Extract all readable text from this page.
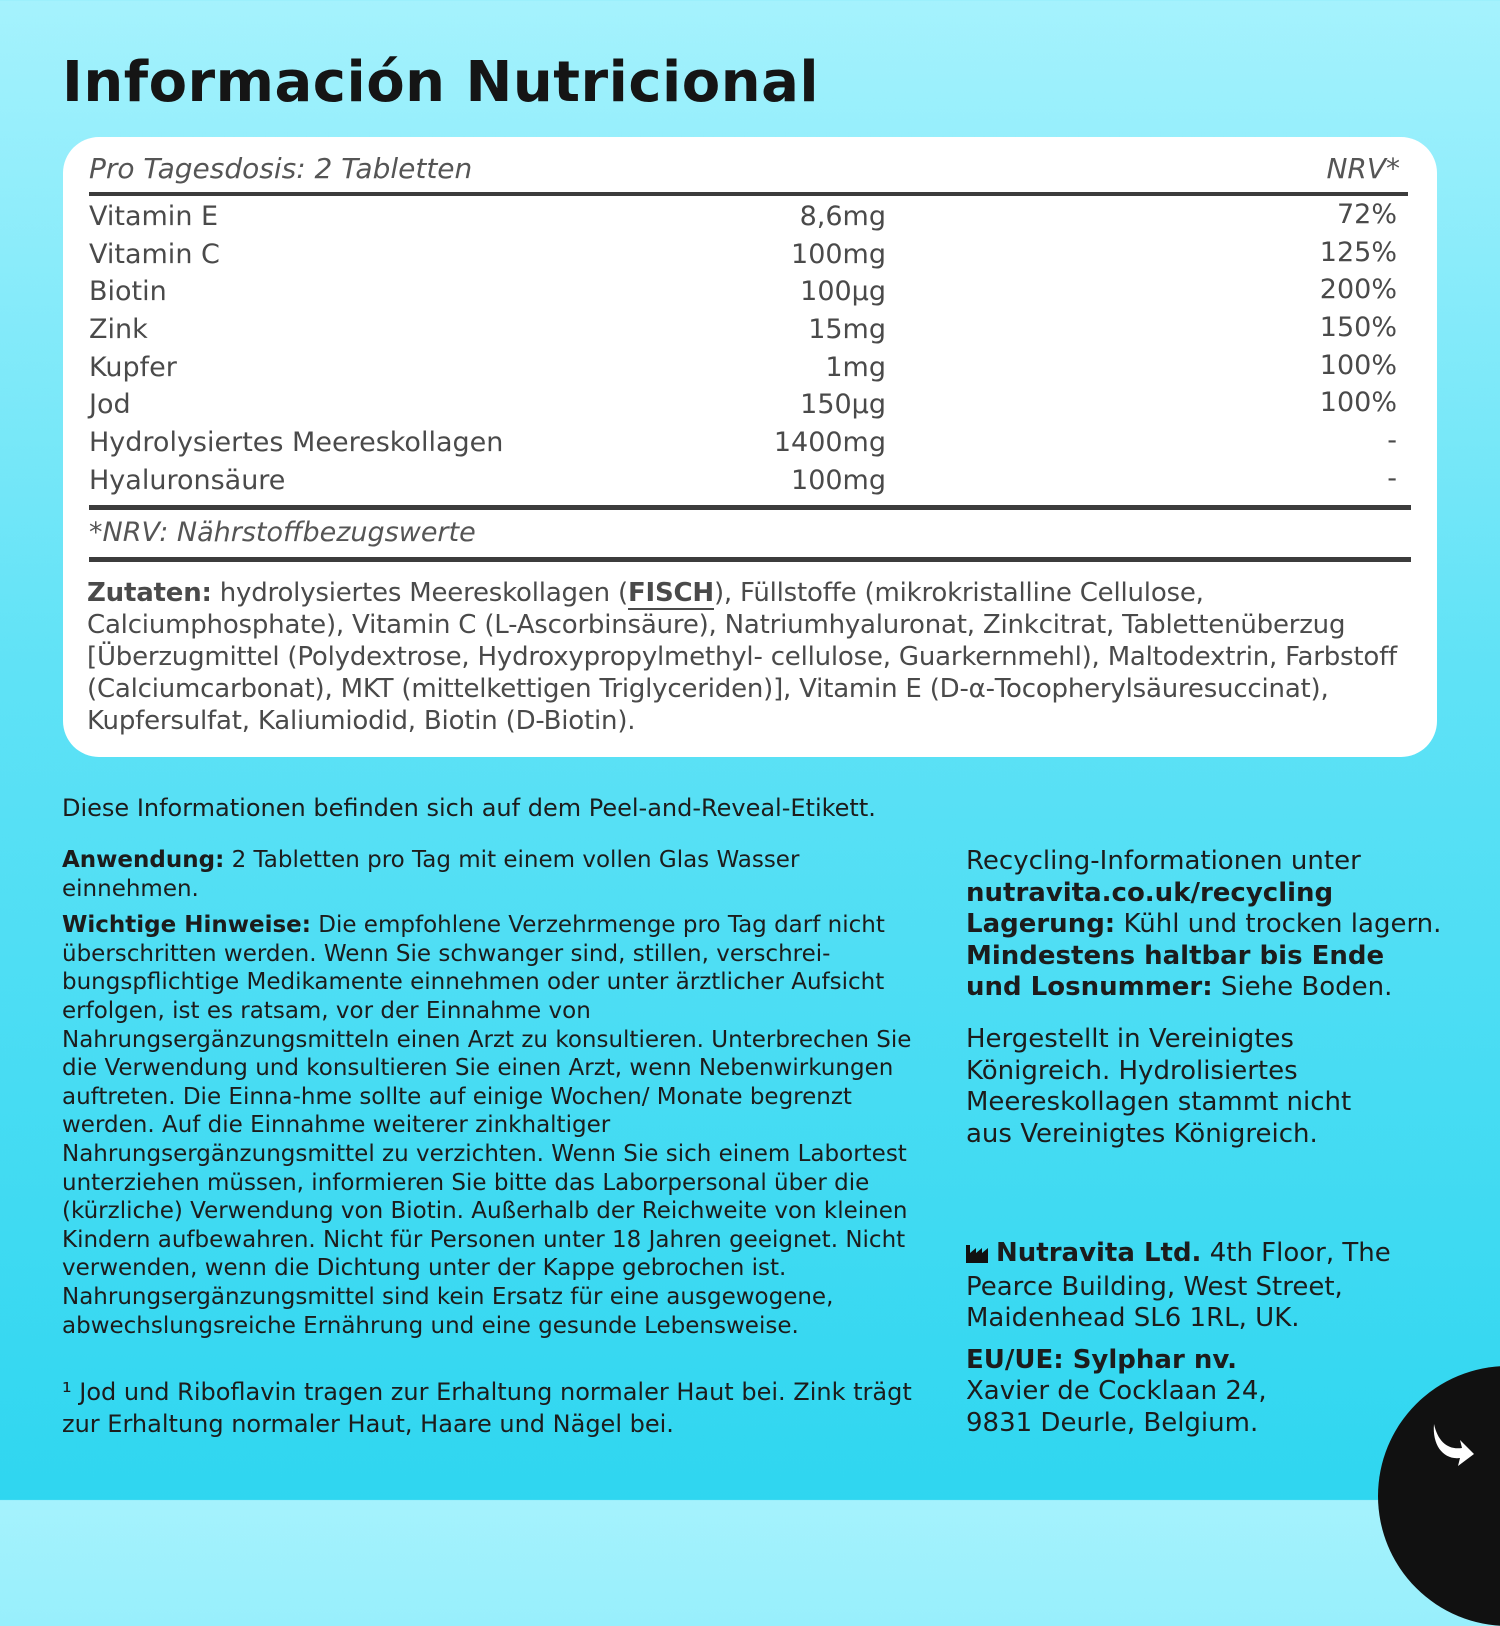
Información Nutricional
Pro Tagesdosis: 2 Tabletten	NRV*
Vitamin E	8,6mg	72%
Vitamin C	100mg	125%
Biotin	100µg	200%
Zink	15mg	150%
Kupfer	1mg	100%
Jod	150µg	100%
Hydrolysiertes Meereskollagen	1400mg	-
Hyaluronsäure	100mg	-
*NRV: Nährstoffbezugswerte
Zutaten: hydrolysiertes Meereskollagen (FISCH), Füllstoffe (mikrokristalline Cellulose, Calciumphosphate), Vitamin C (L-Ascorbinsäure), Natriumhyaluronat, Zinkcitrat, Tablettenüberzug [Überzugmittel (Polydextrose, Hydroxypropylmethyl- cellulose, Guarkernmehl), Maltodextrin, Farbstoff (Calciumcarbonat), MKT (mittelkettigen Triglyceriden)], Vitamin E (D-α-Tocopherylsäuresuccinat), Kupfersulfat, Kaliumiodid, Biotin (D-Biotin).
Diese Informationen befinden sich auf dem Peel-and-Reveal-Etikett.

Anwendung: 2 Tabletten pro Tag mit einem vollen Glas Wasser einnehmen.

Wichtige Hinweise: Die empfohlene Verzehrmenge pro Tag darf nicht überschritten werden. Wenn Sie schwanger sind, stillen, verschrei- bungspflichtige Medikamente einnehmen oder unter ärztlicher Aufsicht erfolgen, ist es ratsam, vor der Einnahme von Nahrungsergänzungsmitteln einen Arzt zu konsultieren. Unterbrechen Sie die Verwendung und konsultieren Sie einen Arzt, wenn Nebenwirkungen auftreten. Die Einna-hme sollte auf einige Wochen/ Monate begrenzt werden. Auf die Einnahme weiterer zinkhaltiger Nahrungsergänzungsmittel zu verzichten. Wenn Sie sich einem Labortest unterziehen müssen, informieren Sie bitte das Laborpersonal über die (kürzliche) Verwendung von Biotin. Außerhalb der Reichweite von kleinen Kindern aufbewahren. Nicht für Personen unter 18 Jahren geeignet. Nicht verwenden, wenn die Dichtung unter der Kappe gebrochen ist. Nahrungsergänzungsmittel sind kein Ersatz für eine ausgewogene, abwechslungsreiche Ernährung und eine gesunde Lebensweise.

¹ Jod und Riboflavin tragen zur Erhaltung normaler Haut bei. Zink trägt zur Erhaltung normaler Haut, Haare und Nägel bei.

Recycling-Informationen unter

nutravita.co.uk/recycling

Lagerung: Kühl und trocken lagern.

Mindestens haltbar bis Ende und Losnummer: Siehe Boden.

Hergestellt in Vereinigtes Königreich. Hydrolisiertes Meereskollagen stammt nicht aus Vereinigtes Königreich.

Nutravita Ltd. 4th Floor, The Pearce Building, West Street, Maidenhead SL6 1RL, UK.

EU/UE: Sylphar nv. Xavier de Cocklaan 24, 9831 Deurle, Belgium.
